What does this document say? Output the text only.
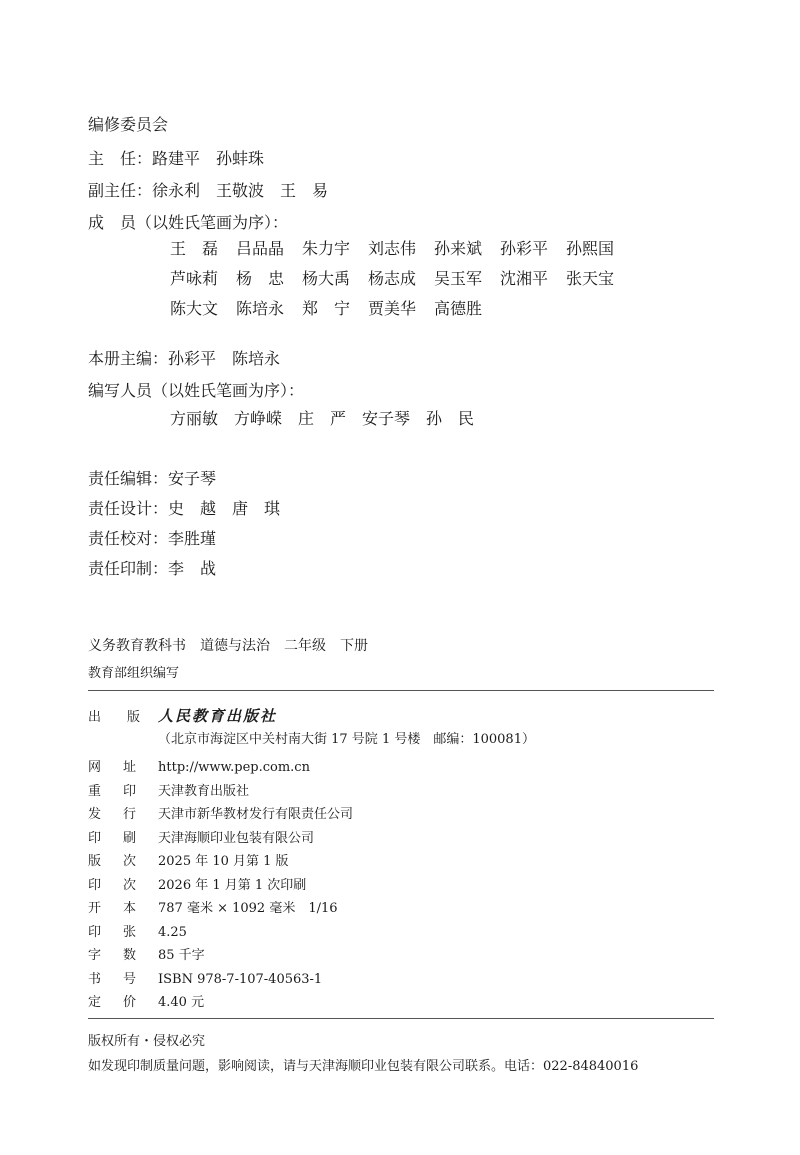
编修委员会
主　任：路建平　孙蚌珠
副主任：徐永利　王敬波　王　易
成　员（以姓氏笔画为序）：
王　磊 吕品晶 朱力宇 刘志伟 孙来斌 孙彩平 孙熙国
芦咏莉 杨　忠 杨大禹 杨志成 吴玉军 沈湘平 张天宝
陈大文 陈培永 郑　宁 贾美华 高德胜
本册主编：孙彩平　陈培永
编写人员（以姓氏笔画为序）：
方丽敏　方峥嵘　庄　严　安子琴　孙　民
责任编辑：安子琴
责任设计：史　越　唐　琪
责任校对：李胜瑾
责任印制：李　战
义务教育教科书　道德与法治　二年级　下册
教育部组织编写
出　　版 人民教育出版社
（北京市海淀区中关村南大街 17 号院 1 号楼　邮编：100081）
网　址 http://www.pep.com.cn
重　印 天津教育出版社
发　行 天津市新华教材发行有限责任公司
印　刷 天津海顺印业包装有限公司
版　次 2025 年 10 月第 1 版
印　次 2026 年 1 月第 1 次印刷
开　本 787 毫米 × 1092 毫米　1/16
印　张 4.25
字　数 85 千字
书　号 ISBN 978-7-107-40563-1
定　价 4.40 元
版权所有・侵权必究
如发现印制质量问题，影响阅读，请与天津海顺印业包装有限公司联系。电话：022-84840016
